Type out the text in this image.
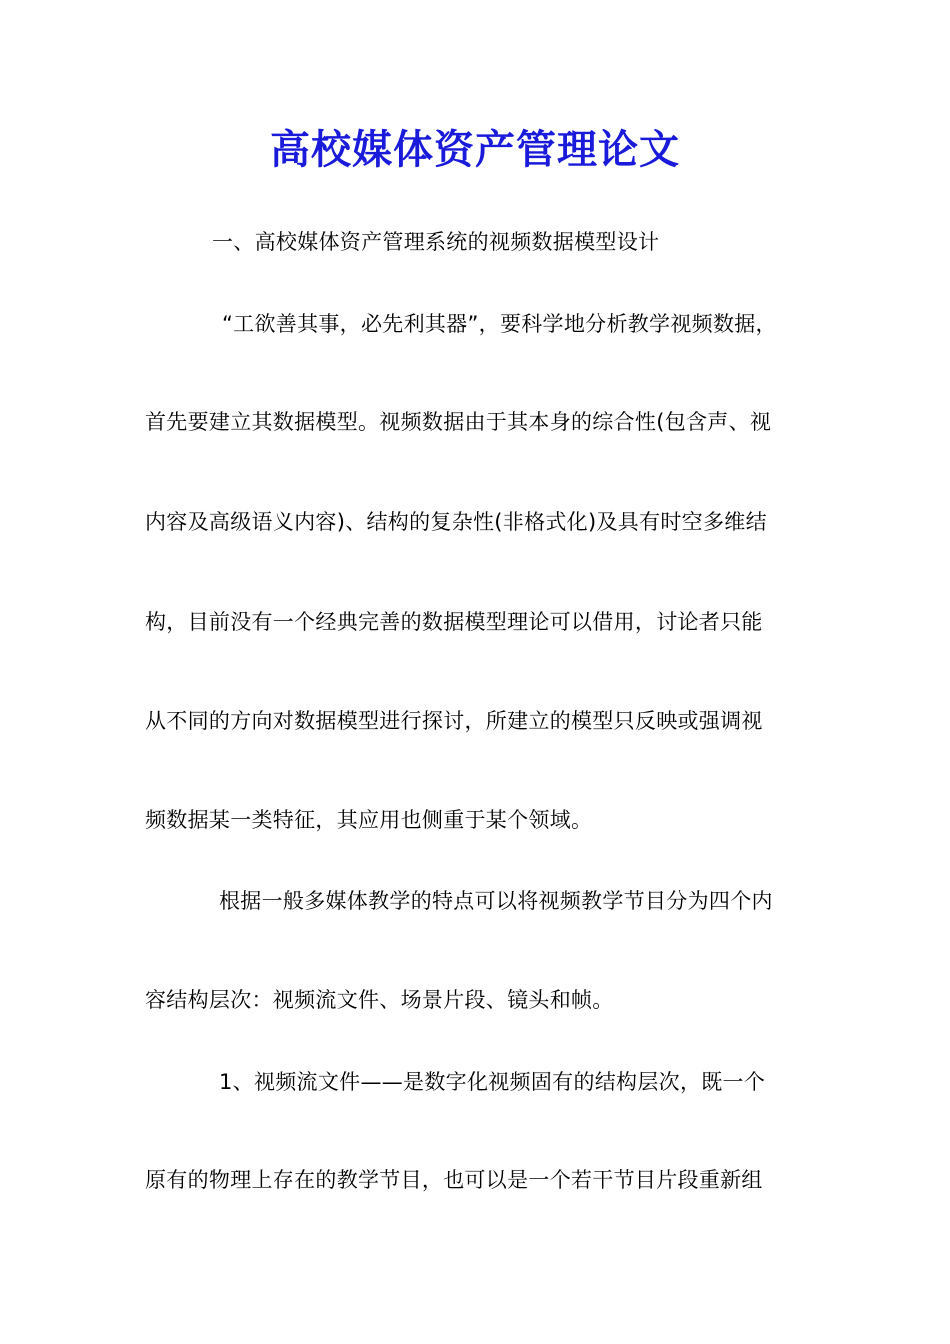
高校媒体资产管理论文
一、高校媒体资产管理系统的视频数据模型设计
“工欲善其事，必先利其器”，要科学地分析教学视频数据，
首先要建立其数据模型。视频数据由于其本身的综合性(包含声、视
内容及高级语义内容)、结构的复杂性(非格式化)及具有时空多维结
构，目前没有一个经典完善的数据模型理论可以借用，讨论者只能
从不同的方向对数据模型进行探讨，所建立的模型只反映或强调视
频数据某一类特征，其应用也侧重于某个领域。
根据一般多媒体教学的特点可以将视频教学节目分为四个内
容结构层次：视频流文件、场景片段、镜头和帧。
1、视频流文件——是数字化视频固有的结构层次，既一个
原有的物理上存在的教学节目，也可以是一个若干节目片段重新组
